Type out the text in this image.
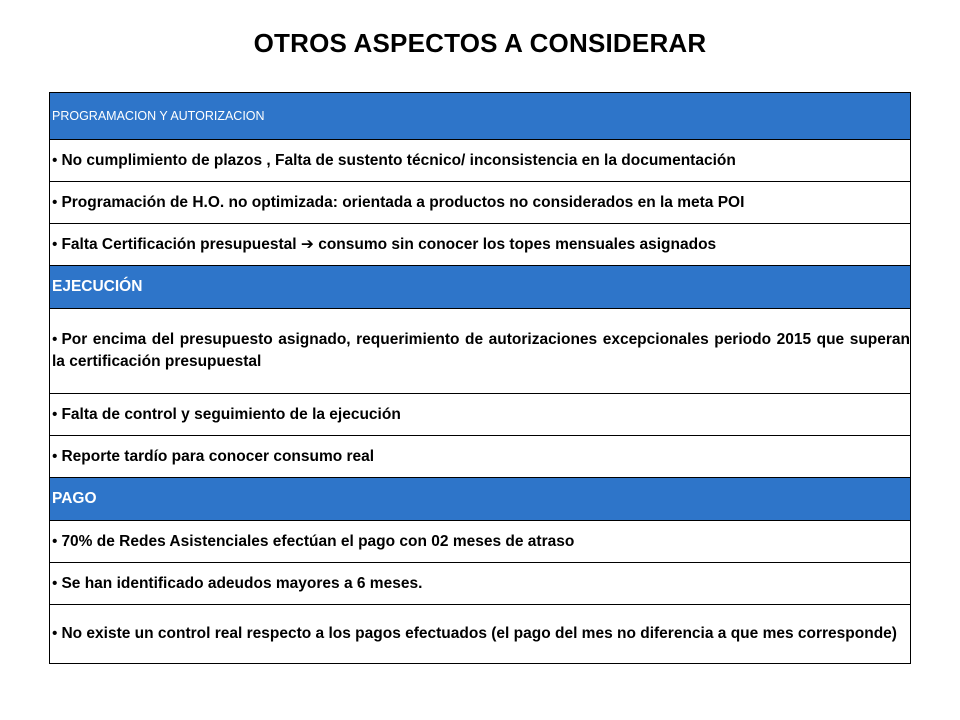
OTROS ASPECTOS A CONSIDERAR
PROGRAMACION Y AUTORIZACION
• No cumplimiento de plazos , Falta de sustento técnico/ inconsistencia en la documentación
• Programación de H.O. no optimizada: orientada a productos no considerados en la meta POI
• Falta Certificación presupuestal ➔ consumo sin conocer los topes mensuales asignados
EJECUCIÓN
• Por encima del presupuesto asignado, requerimiento de autorizaciones excepcionales periodo 2015 que superan la certificación presupuestal
• Falta de control y seguimiento de la ejecución
• Reporte tardío para conocer consumo real
PAGO
• 70% de Redes Asistenciales efectúan el pago con 02 meses de atraso
• Se han identificado adeudos mayores a 6 meses.
• No existe un control real respecto a los pagos efectuados (el pago del mes no diferencia a que mes corresponde)
